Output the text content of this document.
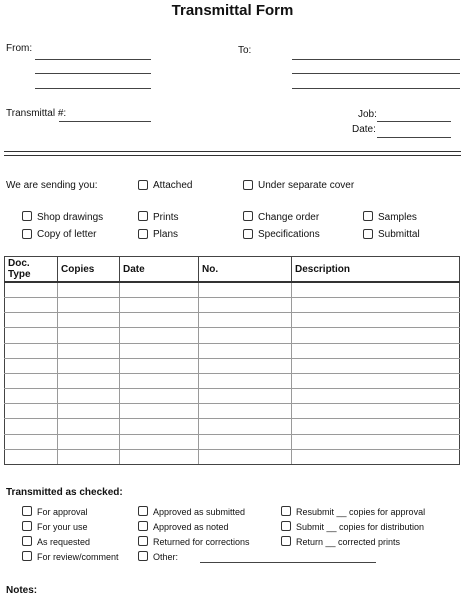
Transmittal Form
From:	To:
Transmittal #:	Job:
Date:
We are sending you:	Attached	Under separate cover
Shop drawings	Prints	Change order	Samples
Copy of letter	Plans	Specifications	Submittal
Doc. Type	Copies	Date	No.	Description

Transmitted as checked:
For approval
For your use
As requested
For review/comment
Approved as submitted
Approved as noted
Returned for corrections
Other:
Resubmit __ copies for approval
Submit __ copies for distribution
Return __ corrected prints
Notes:
